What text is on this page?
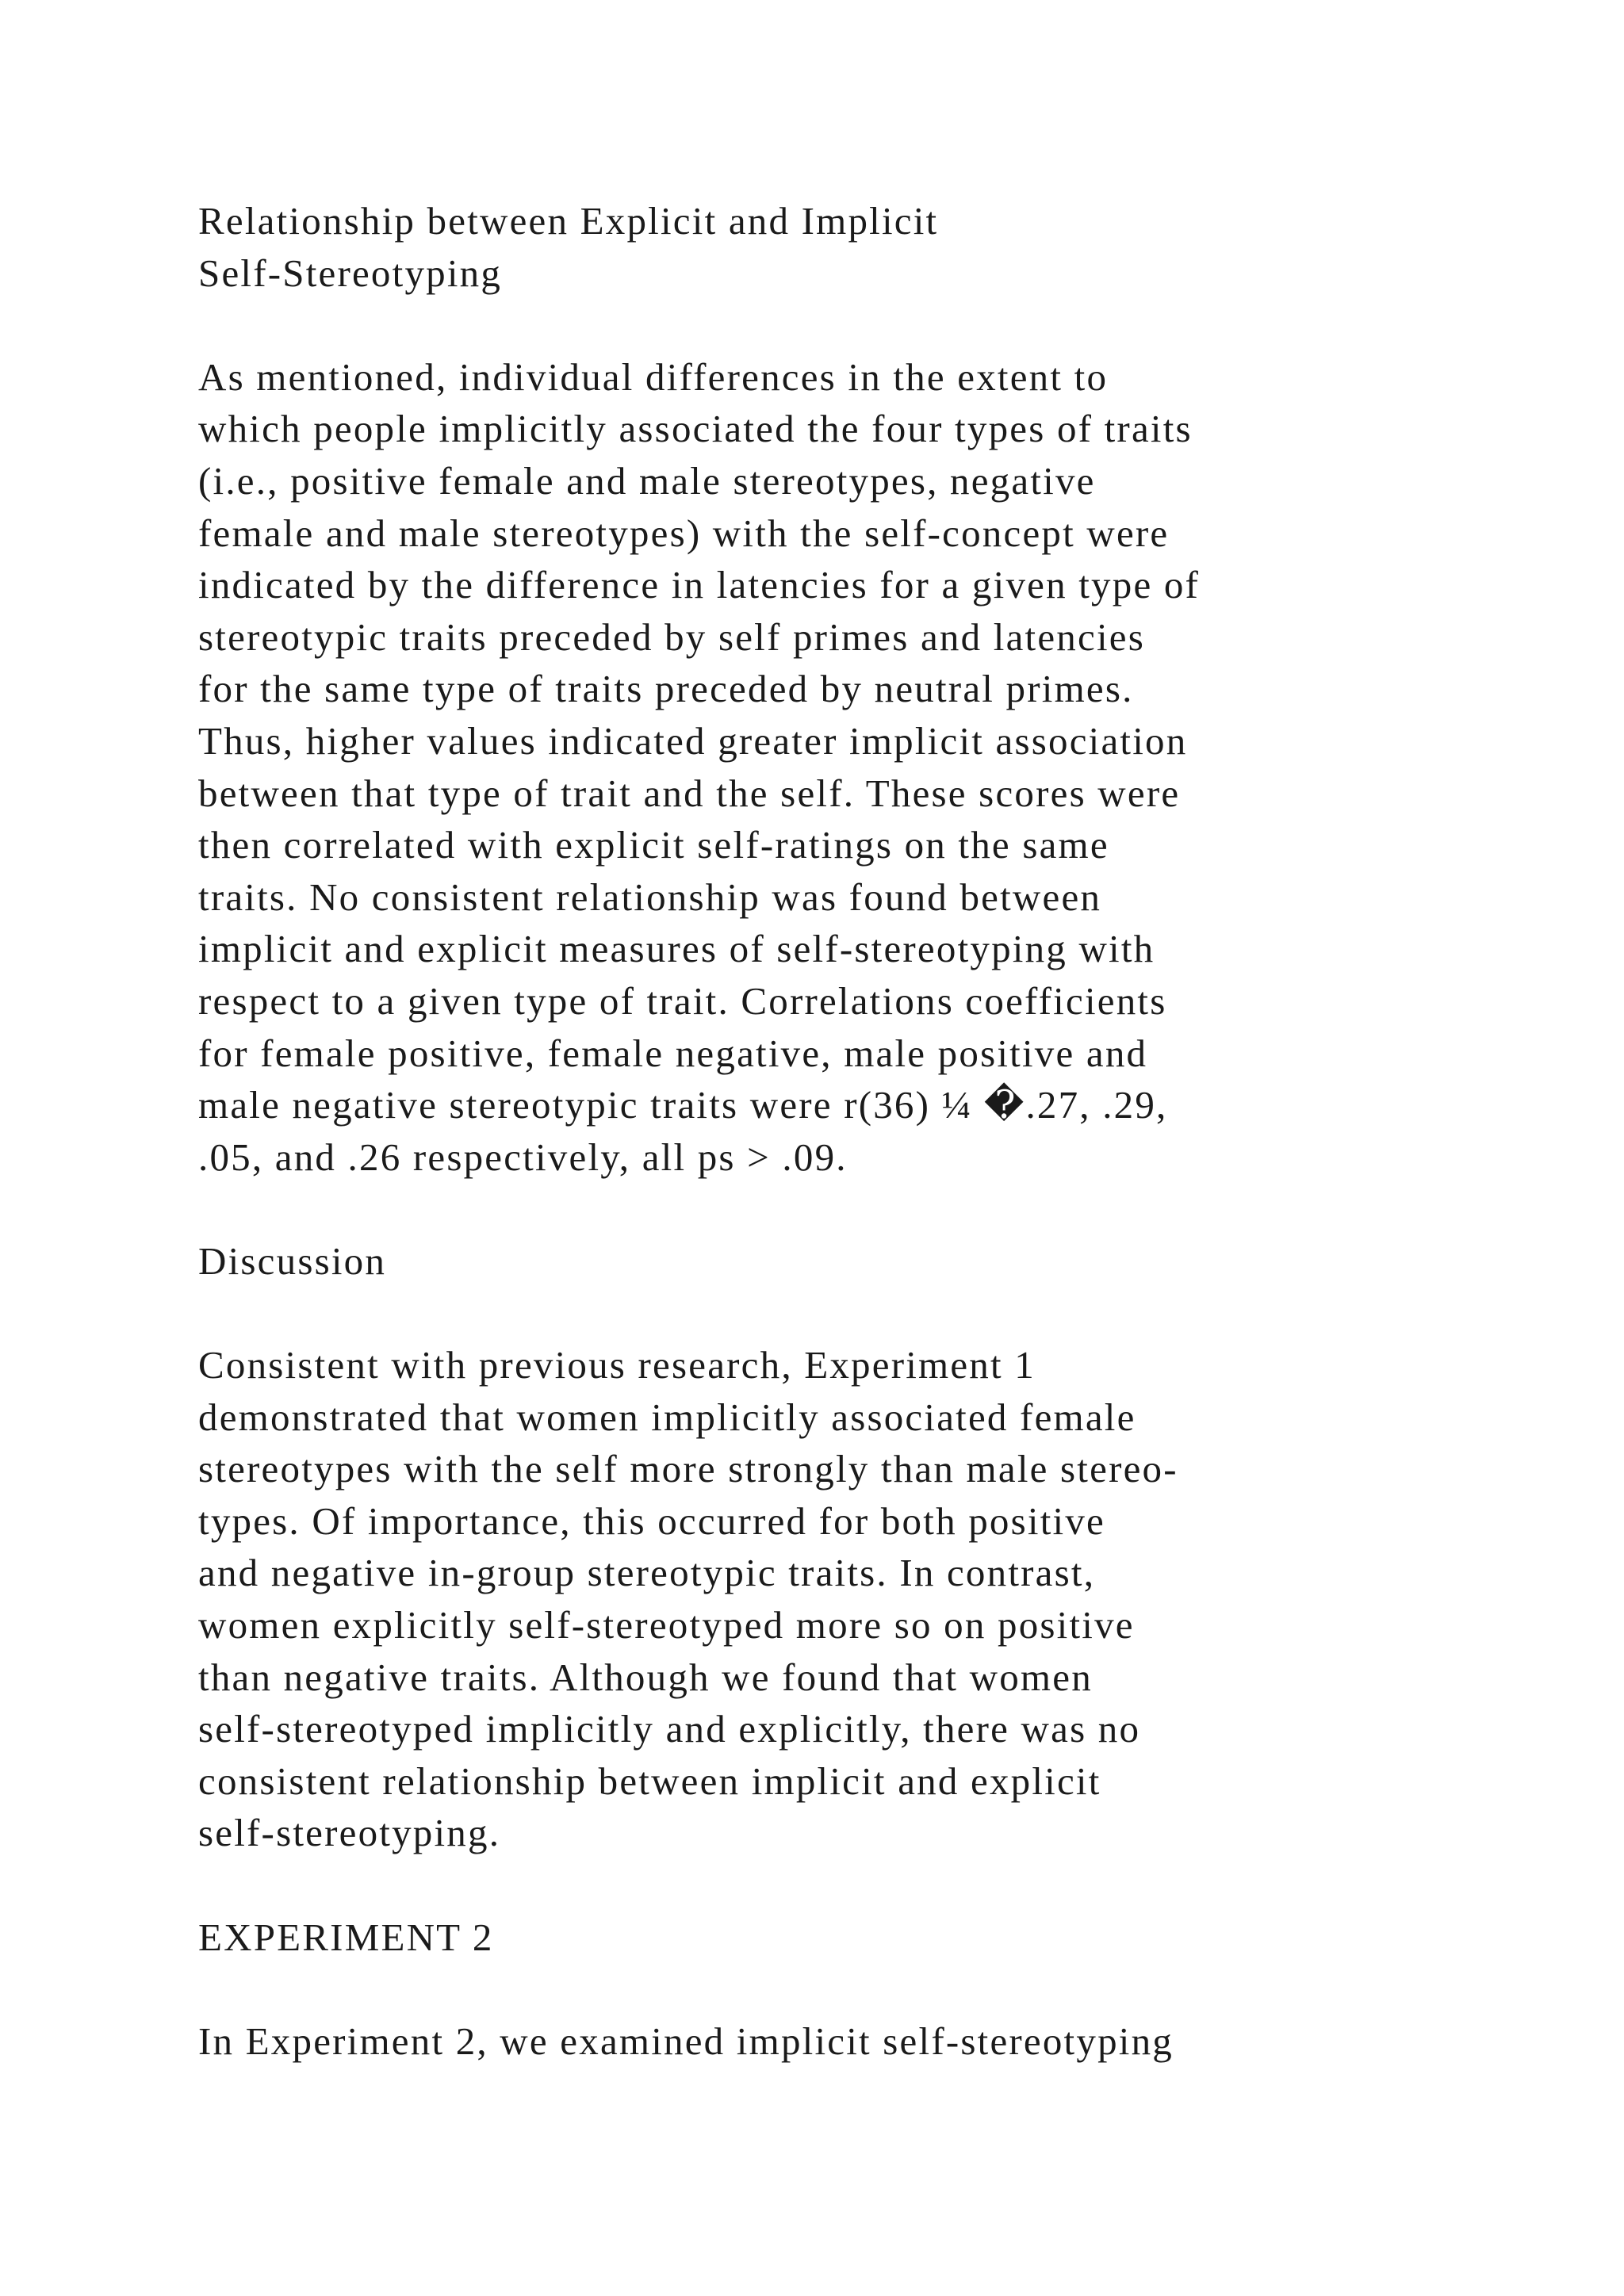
Relationship between Explicit and Implicit
Self-Stereotyping
As mentioned, individual differences in the extent to
which people implicitly associated the four types of traits
(i.e., positive female and male stereotypes, negative
female and male stereotypes) with the self-concept were
indicated by the difference in latencies for a given type of
stereotypic traits preceded by self primes and latencies
for the same type of traits preceded by neutral primes.
Thus, higher values indicated greater implicit association
between that type of trait and the self. These scores were
then correlated with explicit self-ratings on the same
traits. No consistent relationship was found between
implicit and explicit measures of self-stereotyping with
respect to a given type of trait. Correlations coefficients
for female positive, female negative, male positive and
male negative stereotypic traits were r(36) ¼ �.27, .29,
.05, and .26 respectively, all ps > .09.
Discussion
Consistent with previous research, Experiment 1
demonstrated that women implicitly associated female
stereotypes with the self more strongly than male stereo-
types. Of importance, this occurred for both positive
and negative in-group stereotypic traits. In contrast,
women explicitly self-stereotyped more so on positive
than negative traits. Although we found that women
self-stereotyped implicitly and explicitly, there was no
consistent relationship between implicit and explicit
self-stereotyping.
EXPERIMENT 2
In Experiment 2, we examined implicit self-stereotyping
